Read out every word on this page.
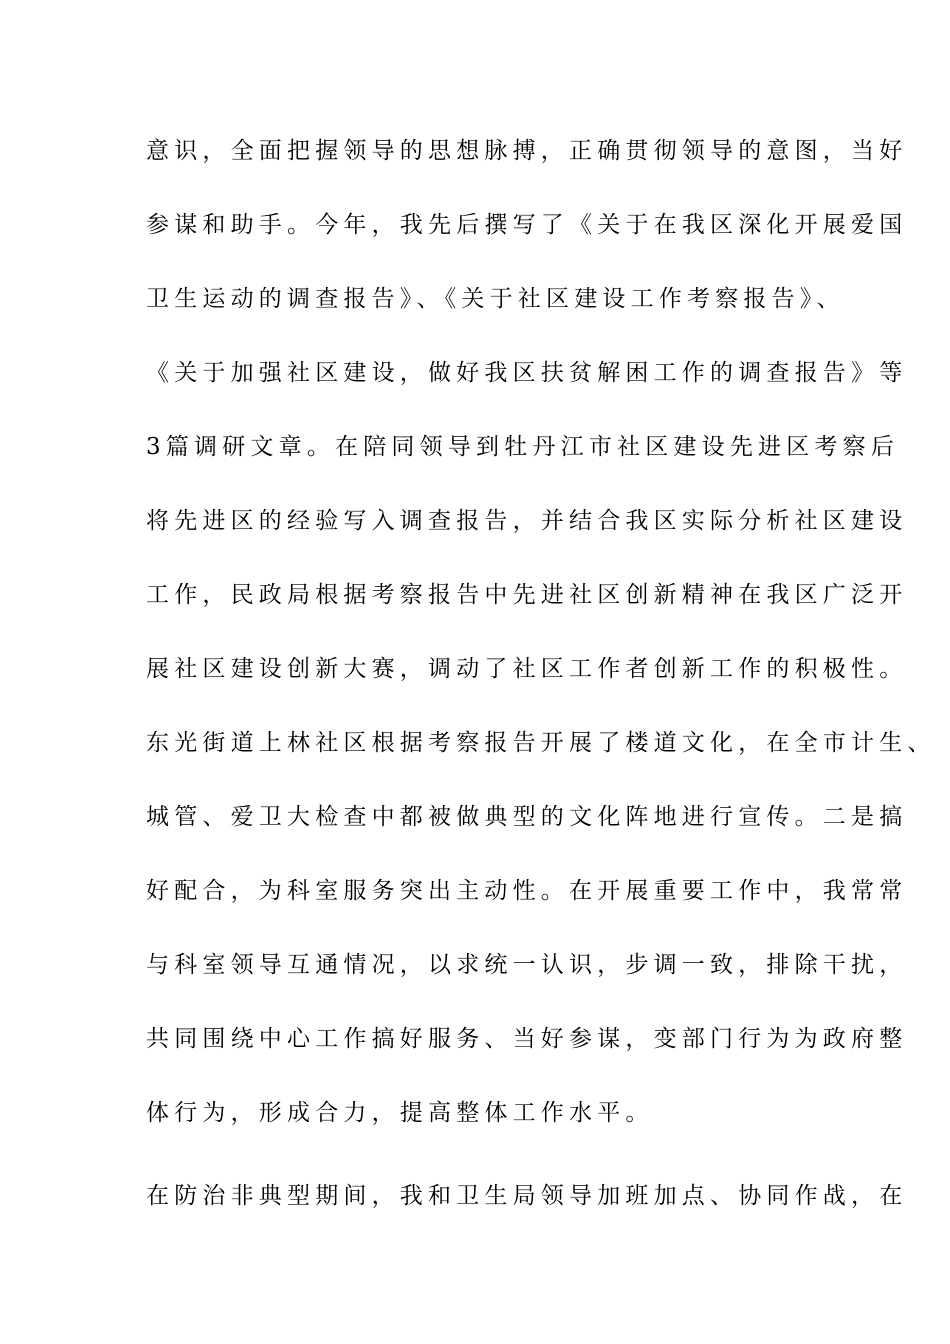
意识，全面把握领导的思想脉搏，正确贯彻领导的意图，当好

参谋和助手。今年，我先后撰写了《关于在我区深化开展爱国

卫生运动的调查报告》、《关于社区建设工作考察报告》、

《关于加强社区建设，做好我区扶贫解困工作的调查报告》等

3篇调研文章。在陪同领导到牡丹江市社区建设先进区考察后

将先进区的经验写入调查报告，并结合我区实际分析社区建设

工作，民政局根据考察报告中先进社区创新精神在我区广泛开

展社区建设创新大赛，调动了社区工作者创新工作的积极性。

东光街道上林社区根据考察报告开展了楼道文化，在全市计生、

城管、爱卫大检查中都被做典型的文化阵地进行宣传。二是搞

好配合，为科室服务突出主动性。在开展重要工作中，我常常

与科室领导互通情况，以求统一认识，步调一致，排除干扰，

共同围绕中心工作搞好服务、当好参谋，变部门行为为政府整

体行为，形成合力，提高整体工作水平。

在防治非典型期间，我和卫生局领导加班加点、协同作战，在
